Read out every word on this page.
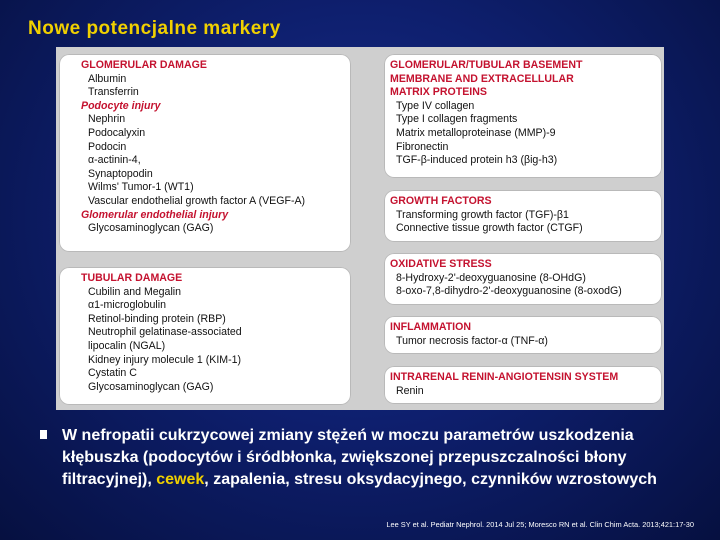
Nowe potencjalne markery
GLOMERULAR DAMAGE
Albumin
Transferrin
Podocyte injury
Nephrin
Podocalyxin
Podocin
α-actinin-4,
Synaptopodin
Wilms' Tumor-1 (WT1)
Vascular endothelial growth factor A (VEGF-A)
Glomerular endothelial injury
Glycosaminoglycan (GAG)
TUBULAR DAMAGE
Cubilin and Megalin
α1-microglobulin
Retinol-binding protein (RBP)
Neutrophil gelatinase-associated
lipocalin (NGAL)
Kidney injury molecule 1 (KIM-1)
Cystatin C
Glycosaminoglycan (GAG)
GLOMERULAR/TUBULAR BASEMENT
MEMBRANE AND EXTRACELLULAR
MATRIX PROTEINS
Type IV collagen
Type I collagen fragments
Matrix metalloproteinase (MMP)-9
Fibronectin
TGF-β-induced protein h3 (βig-h3)
GROWTH FACTORS
Transforming growth factor (TGF)-β1
Connective tissue growth factor (CTGF)
OXIDATIVE STRESS
8-Hydroxy-2'-deoxyguanosine (8-OHdG)
8-oxo-7,8-dihydro-2'-deoxyguanosine (8-oxodG)
INFLAMMATION
Tumor necrosis factor-α (TNF-α)
INTRARENAL RENIN-ANGIOTENSIN SYSTEM
Renin
W nefropatii cukrzycowej zmiany stężeń w moczu parametrów uszkodzenia kłębuszka (podocytów i śródbłonka, zwiększonej przepuszczalności błony filtracyjnej), cewek, zapalenia, stresu oksydacyjnego, czynników wzrostowych
Lee SY et al. Pediatr Nephrol. 2014 Jul 25; Moresco RN et al. Clin Chim Acta. 2013;421:17-30
